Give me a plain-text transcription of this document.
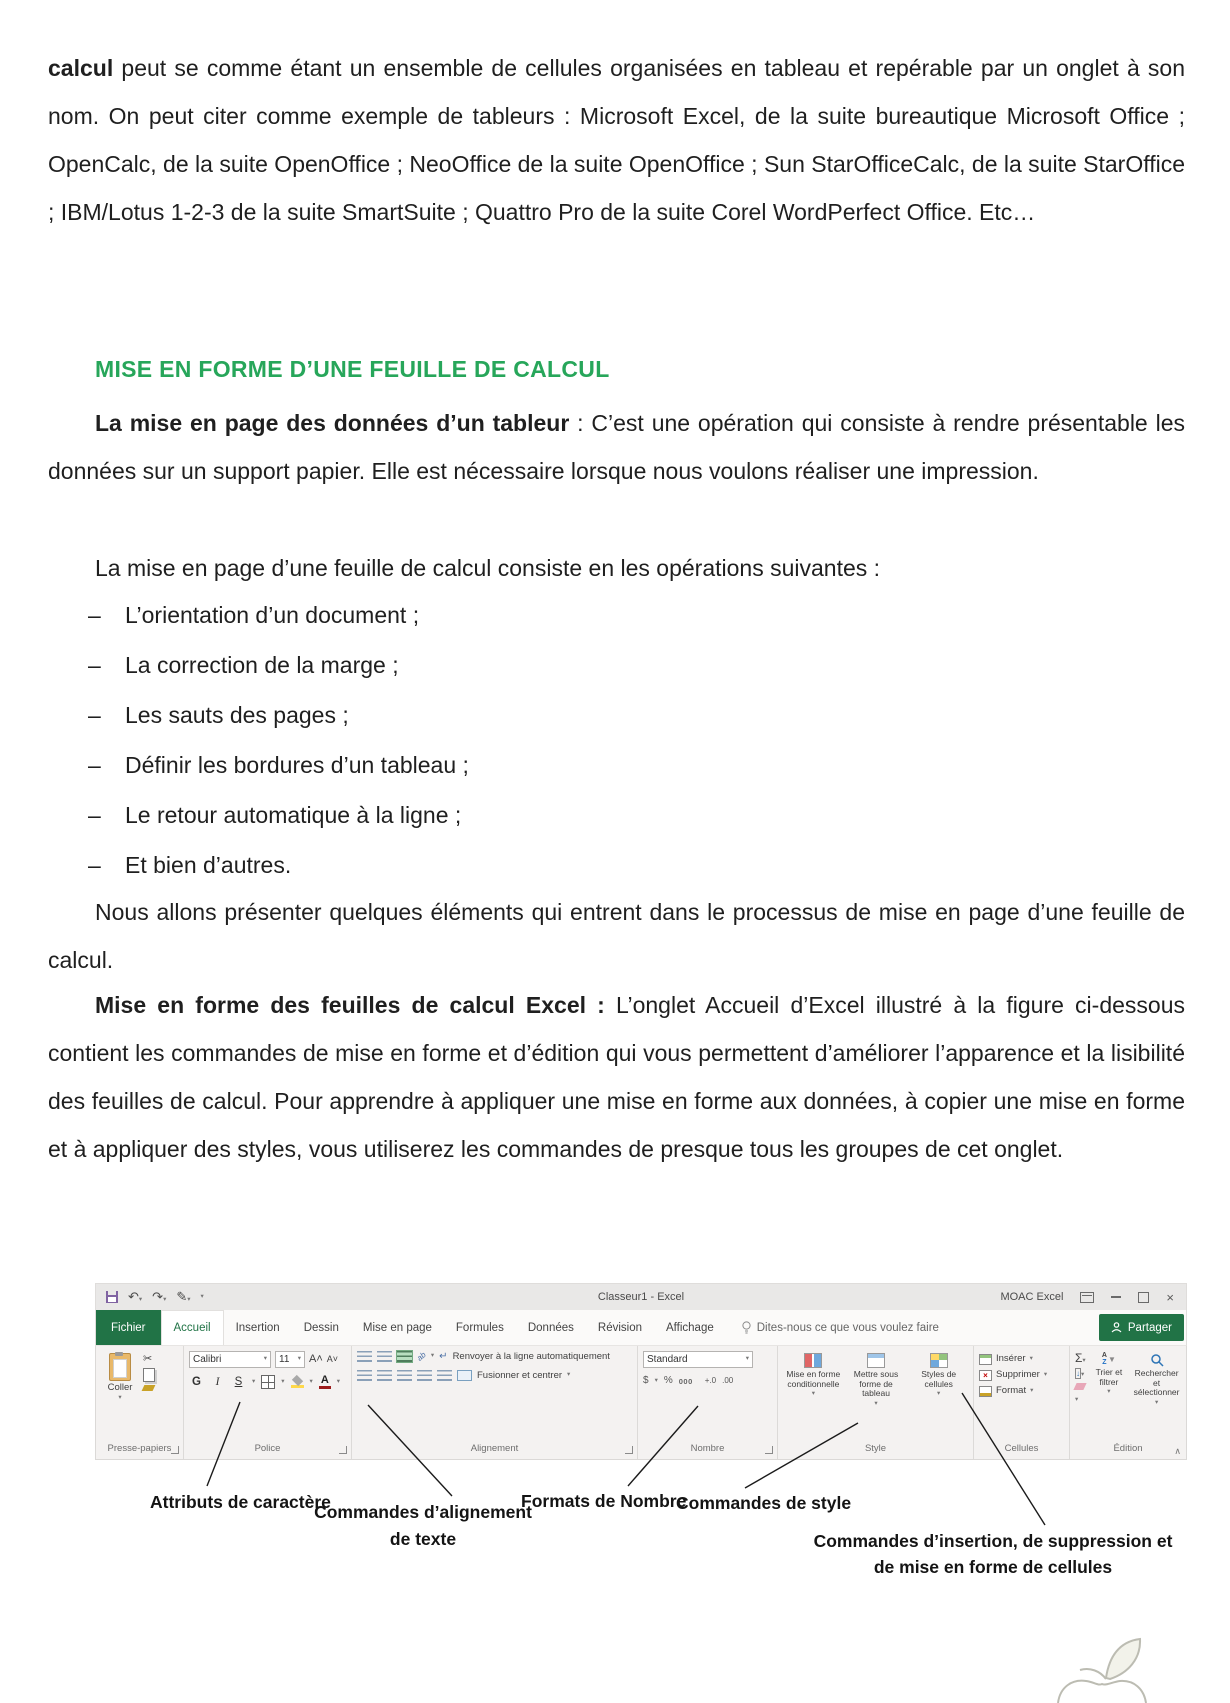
calcul peut se comme étant un ensemble de cellules organisées en tableau et repérable par un onglet à son nom. On peut citer comme exemple de tableurs : Microsoft Excel, de la suite bureautique Microsoft Office ; OpenCalc, de la suite OpenOffice ; NeoOffice de la suite OpenOffice ; Sun StarOfficeCalc, de la suite StarOffice ; IBM/Lotus 1-2-3 de la suite SmartSuite ; Quattro Pro de la suite Corel WordPerfect Office. Etc…

MISE EN FORME D’UNE FEUILLE DE CALCUL

La mise en page des données d’un tableur : C’est une opération qui consiste à rendre présentable les données sur un support papier. Elle est nécessaire lorsque nous voulons réaliser une impression.

La mise en page d’une feuille de calcul consiste en les opérations suivantes :

– L’orientation d’un document ;
– La correction de la marge ;
– Les sauts des pages ;
– Définir les bordures d’un tableau ;
– Le retour automatique à la ligne ;
– Et bien d’autres.

Nous allons présenter quelques éléments qui entrent dans le processus de mise en page d’une feuille de calcul.

Mise en forme des feuilles de calcul Excel : L’onglet Accueil d’Excel illustré à la figure ci-dessous contient les commandes de mise en forme et d’édition qui vous permettent d’améliorer l’apparence et la lisibilité des feuilles de calcul. Pour apprendre à appliquer une mise en forme aux données, à copier une mise en forme et à appliquer des styles, vous utiliserez les commandes de presque tous les groupes de cet onglet.

↶▾ ↷▾ ✎▾ ▾	Classeur1 - Excel	MOAC Excel	×
Fichier	Accueil	Insertion	Dessin	Mise en page	Formules	Données	Révision	Affichage	Dites-nous ce que vous voulez faire	Partager
Coller
▾
✂
Presse-papiers
Calibri	▾ 11 ▾ A˄ A˅
G	I	S	▾	▾	▾ A ▾
Police
ab ▾ ↵ Renvoyer à la ligne automatiquement
Fusionner et centrer ▾
Alignement
Standard	▾
$ ▾ % 000 +.0 .00
Nombre
Mise en forme conditionnelle
▾
Mettre sous forme de tableau
▾
Styles de cellules
▾
Style
Insérer ▾
× Supprimer ▾
Format ▾
Cellules
Σ▾
↓▾
▾
A
Z ▼
Trier et filtrer
▾
Rechercher et sélectionner
▾
Édition	∧
Attributs de caractère
Commandes d’alignement de texte
Formats de Nombre
Commandes de style
Commandes d’insertion, de suppression et de mise en forme de cellules
